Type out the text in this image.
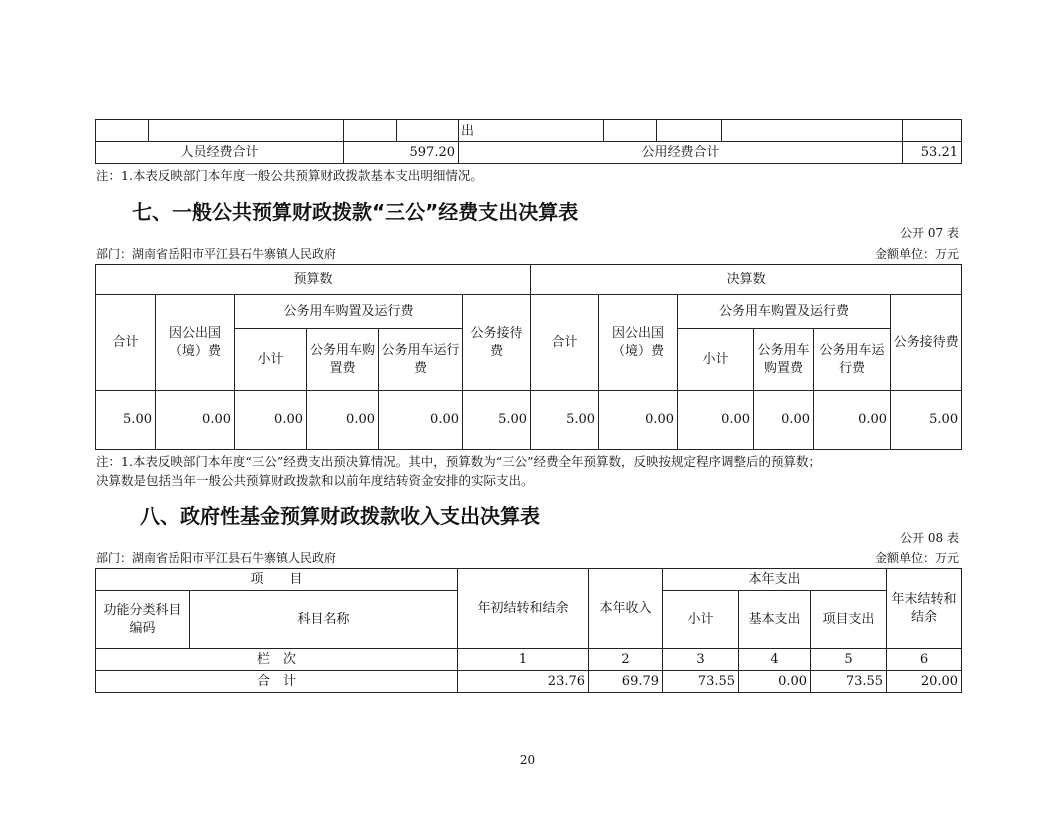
				出				
人员经费合计		597.20		公用经费合计				53.21
注：1.本表反映部门本年度一般公共预算财政拨款基本支出明细情况。
七、一般公共预算财政拨款“三公”经费支出决算表
公开 07 表
部门：湖南省岳阳市平江县石牛寨镇人民政府	金额单位：万元
预算数						决算数					
合计	因公出国（境）费	公务用车购置及运行费			公务接待费	合计	因公出国（境）费	公务用车购置及运行费			公务接待费
		小计	公务用车购置费	公务用车运行费				小计	公务用车购置费	公务用车运行费	
5.00	0.00	0.00	0.00	0.00	5.00	5.00	0.00	0.00	0.00	0.00	5.00
注：1.本表反映部门本年度“三公”经费支出预决算情况。其中，预算数为“三公”经费全年预算数，反映按规定程序调整后的预算数；
决算数是包括当年一般公共预算财政拨款和以前年度结转资金安排的实际支出。
八、政府性基金预算财政拨款收入支出决算表
公开 08 表
部门：湖南省岳阳市平江县石牛寨镇人民政府	金额单位：万元
项　　目		年初结转和结余	本年收入	本年支出			年末结转和结余
功能分类科目编码	科目名称			小计	基本支出	项目支出	
栏　次		1	2	3	4	5	6
合　计		23.76	69.79	73.55	0.00	73.55	20.00
20
